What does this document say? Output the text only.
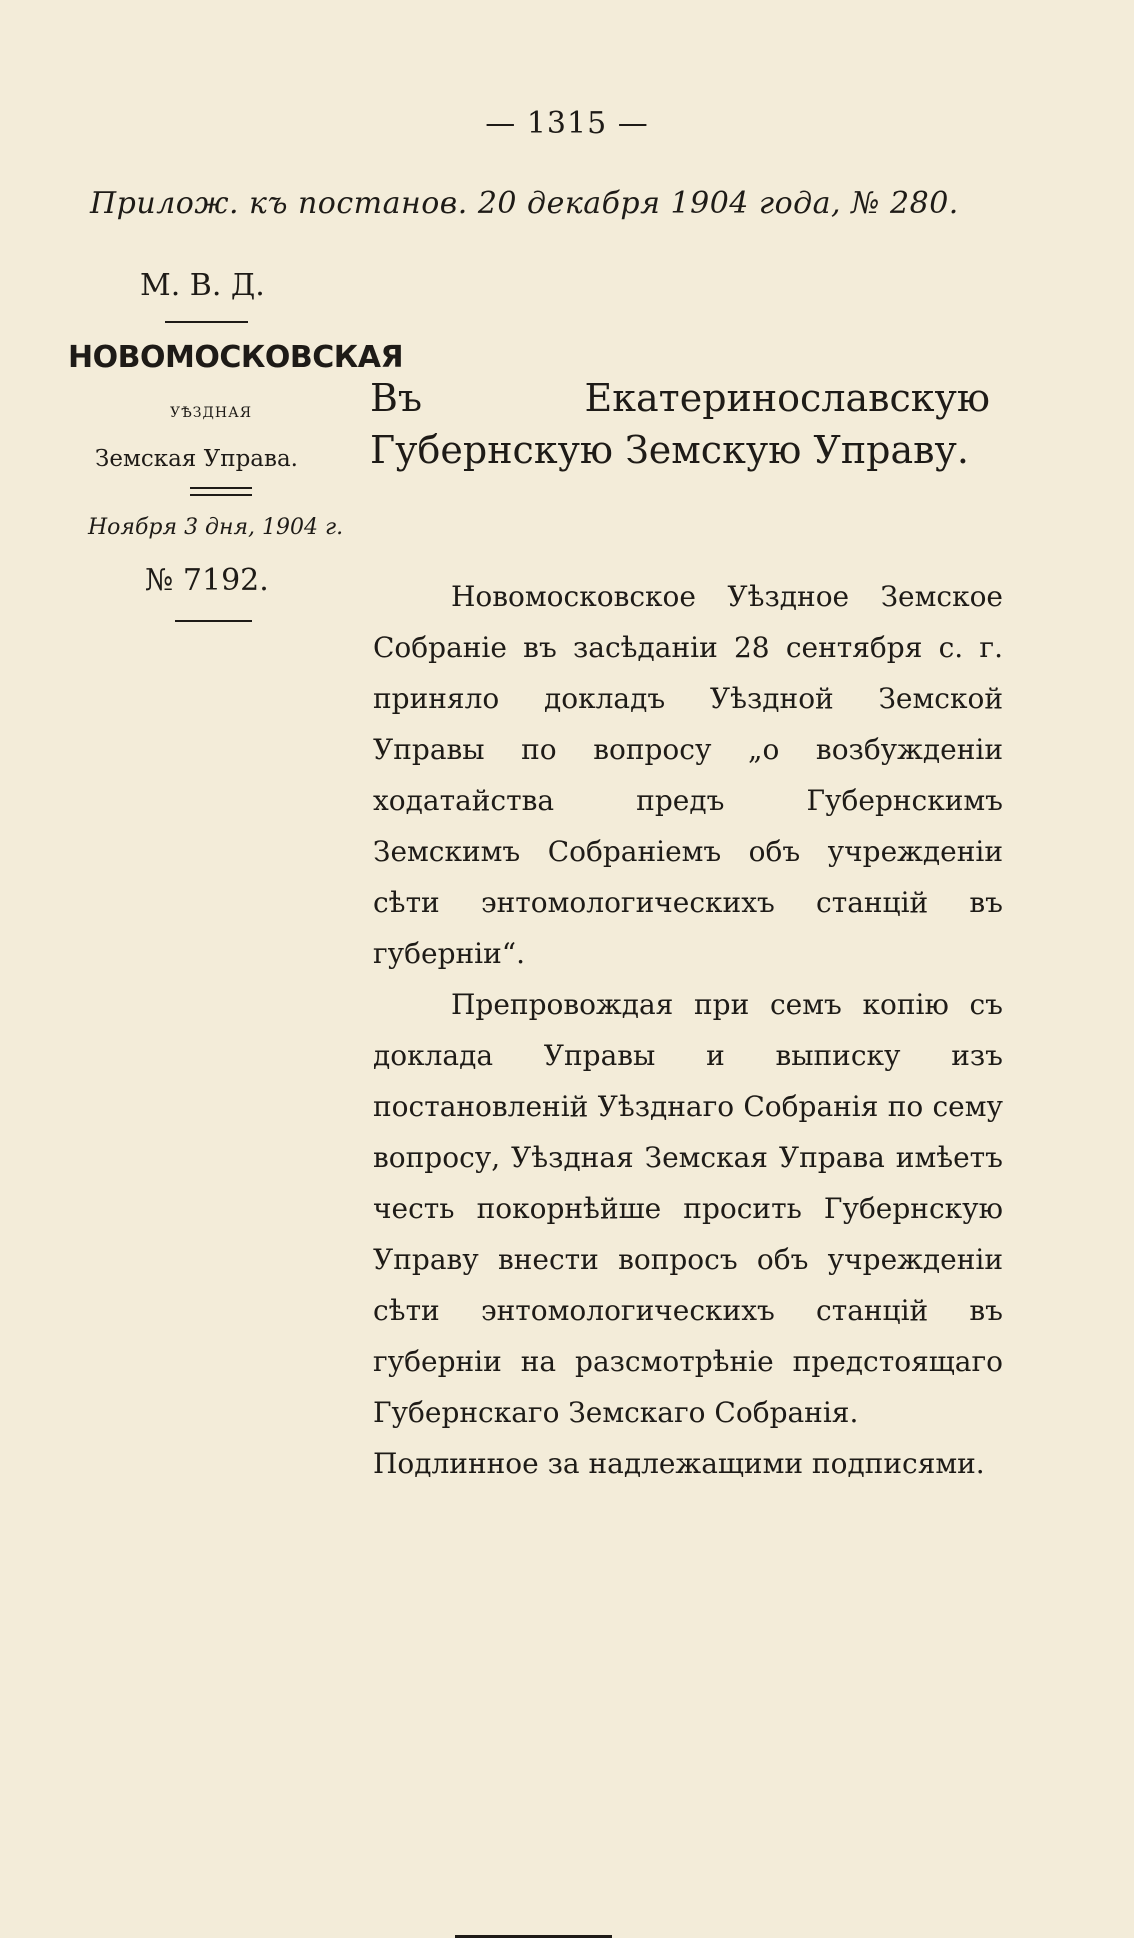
— 1315 —
Прилож. къ постанов. 20 декабря 1904 года, № 280.
М. В. Д.
НОВОМОСКОВСКАЯ
УѢЗДНАЯ
Земская Управа.
Ноября 3 дня, 1904 г.
№ 7192.
Въ Екатеринославскую Губернскую Земскую Управу.

Новомосковское Уѣздное Земское Собраніе въ засѣданіи 28 сентября с. г. приняло докладъ Уѣздной Земской Управы по вопросу „о возбужденіи ходатайства предъ Губернскимъ Земскимъ Собраніемъ объ учрежденіи сѣти энтомологическихъ станцій въ губерніи“.

Препровождая при семъ копію съ доклада Управы и выписку изъ постановленій Уѣзднаго Собранія по сему вопросу, Уѣздная Земская Управа имѣетъ честь покорнѣйше просить Губернскую Управу внести вопросъ объ учрежденіи сѣти энтомологическихъ станцій въ губерніи на разсмотрѣніе предстоящаго Губернскаго Земскаго Собранія.

Подлинное за надлежащими подписями.
